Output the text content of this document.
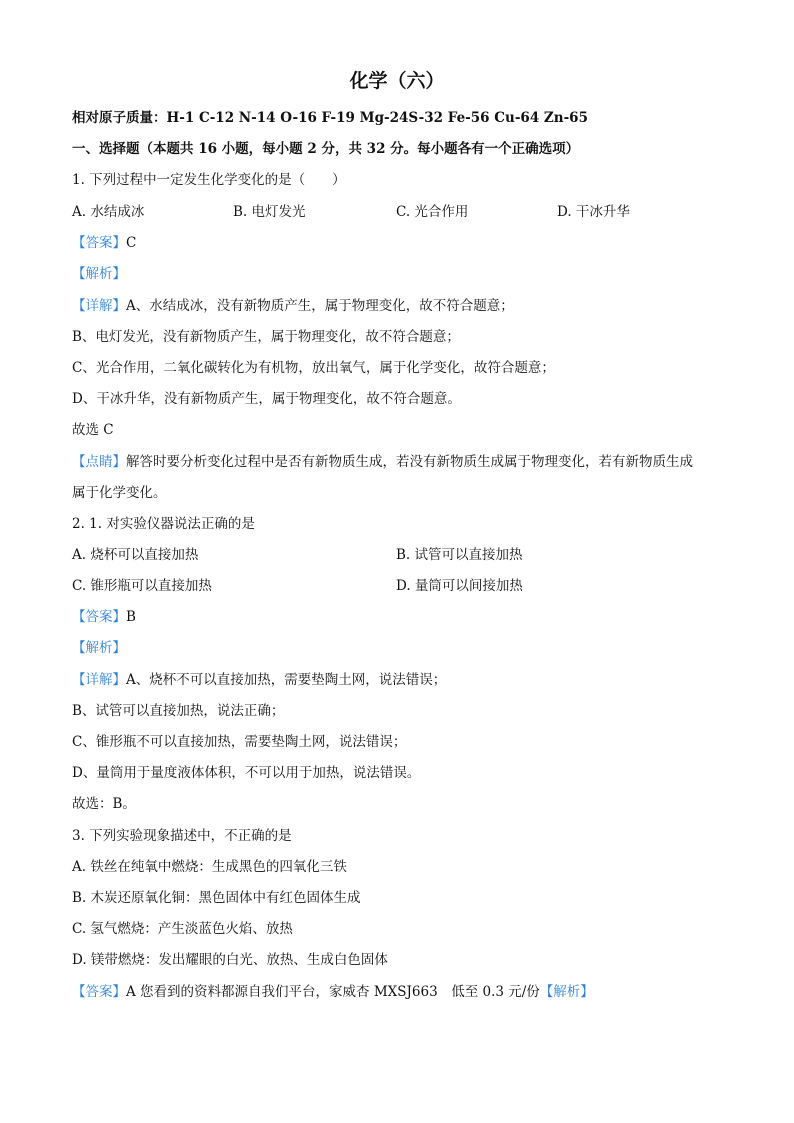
化学（六）
相对原子质量：H-1 C-12 N-14 O-16 F-19 Mg-24S-32 Fe-56 Cu-64 Zn-65
一、选择题（本题共 16 小题，每小题 2 分，共 32 分。每小题各有一个正确选项）
1. 下列过程中一定发生化学变化的是（　　）
A. 水结成冰	B. 电灯发光	C. 光合作用	D. 干冰升华
【答案】C
【解析】
【详解】A、水结成冰，没有新物质产生，属于物理变化，故不符合题意；
B、电灯发光，没有新物质产生，属于物理变化，故不符合题意；
C、光合作用，二氧化碳转化为有机物，放出氧气，属于化学变化，故符合题意；
D、干冰升华，没有新物质产生，属于物理变化，故不符合题意。
故选 C
【点睛】解答时要分析变化过程中是否有新物质生成，若没有新物质生成属于物理变化，若有新物质生成
属于化学变化。
2. 1. 对实验仪器说法正确的是
A. 烧杯可以直接加热	B. 试管可以直接加热
C. 锥形瓶可以直接加热	D. 量筒可以间接加热
【答案】B
【解析】
【详解】A、烧杯不可以直接加热，需要垫陶土网，说法错误；
B、试管可以直接加热，说法正确；
C、锥形瓶不可以直接加热，需要垫陶土网，说法错误；
D、量筒用于量度液体体积，不可以用于加热，说法错误。
故选：B。
3. 下列实验现象描述中，不正确的是
A. 铁丝在纯氧中燃烧：生成黑色的四氧化三铁
B. 木炭还原氧化铜：黑色固体中有红色固体生成
C. 氢气燃烧：产生淡蓝色火焰、放热
D. 镁带燃烧：发出耀眼的白光、放热、生成白色固体
【答案】A 您看到的资料都源自我们平台，家威杏 MXSJ663　低至 0.3 元/份【解析】
